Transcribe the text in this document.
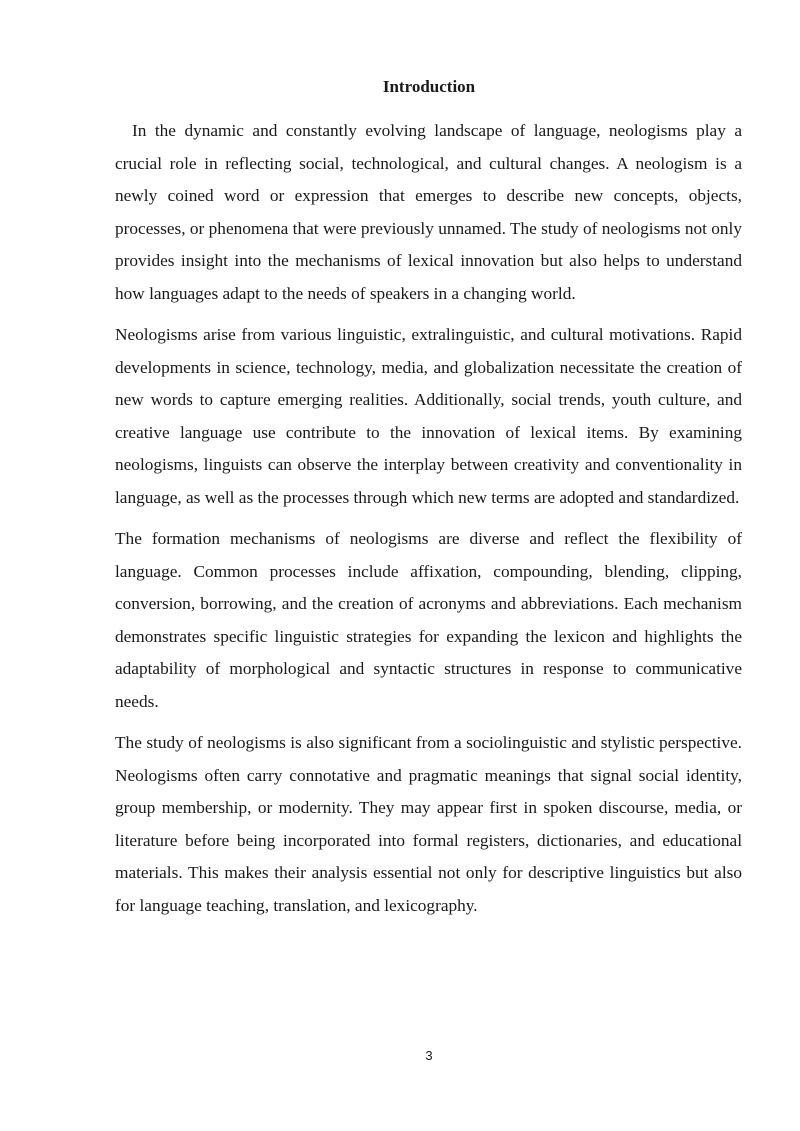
Introduction

In the dynamic and constantly evolving landscape of language, neologisms play a crucial role in reflecting social, technological, and cultural changes. A neologism is a newly coined word or expression that emerges to describe new concepts, objects, processes, or phenomena that were previously unnamed. The study of neologisms not only provides insight into the mechanisms of lexical innovation but also helps to understand how languages adapt to the needs of speakers in a changing world.

Neologisms arise from various linguistic, extralinguistic, and cultural motivations. Rapid developments in science, technology, media, and globalization necessitate the creation of new words to capture emerging realities. Additionally, social trends, youth culture, and creative language use contribute to the innovation of lexical items. By examining neologisms, linguists can observe the interplay between creativity and conventionality in language, as well as the processes through which new terms are adopted and standardized.

The formation mechanisms of neologisms are diverse and reflect the flexibility of language. Common processes include affixation, compounding, blending, clipping, conversion, borrowing, and the creation of acronyms and abbreviations. Each mechanism demonstrates specific linguistic strategies for expanding the lexicon and highlights the adaptability of morphological and syntactic structures in response to communicative needs.

The study of neologisms is also significant from a sociolinguistic and stylistic perspective. Neologisms often carry connotative and pragmatic meanings that signal social identity, group membership, or modernity. They may appear first in spoken discourse, media, or literature before being incorporated into formal registers, dictionaries, and educational materials. This makes their analysis essential not only for descriptive linguistics but also for language teaching, translation, and lexicography.

3
